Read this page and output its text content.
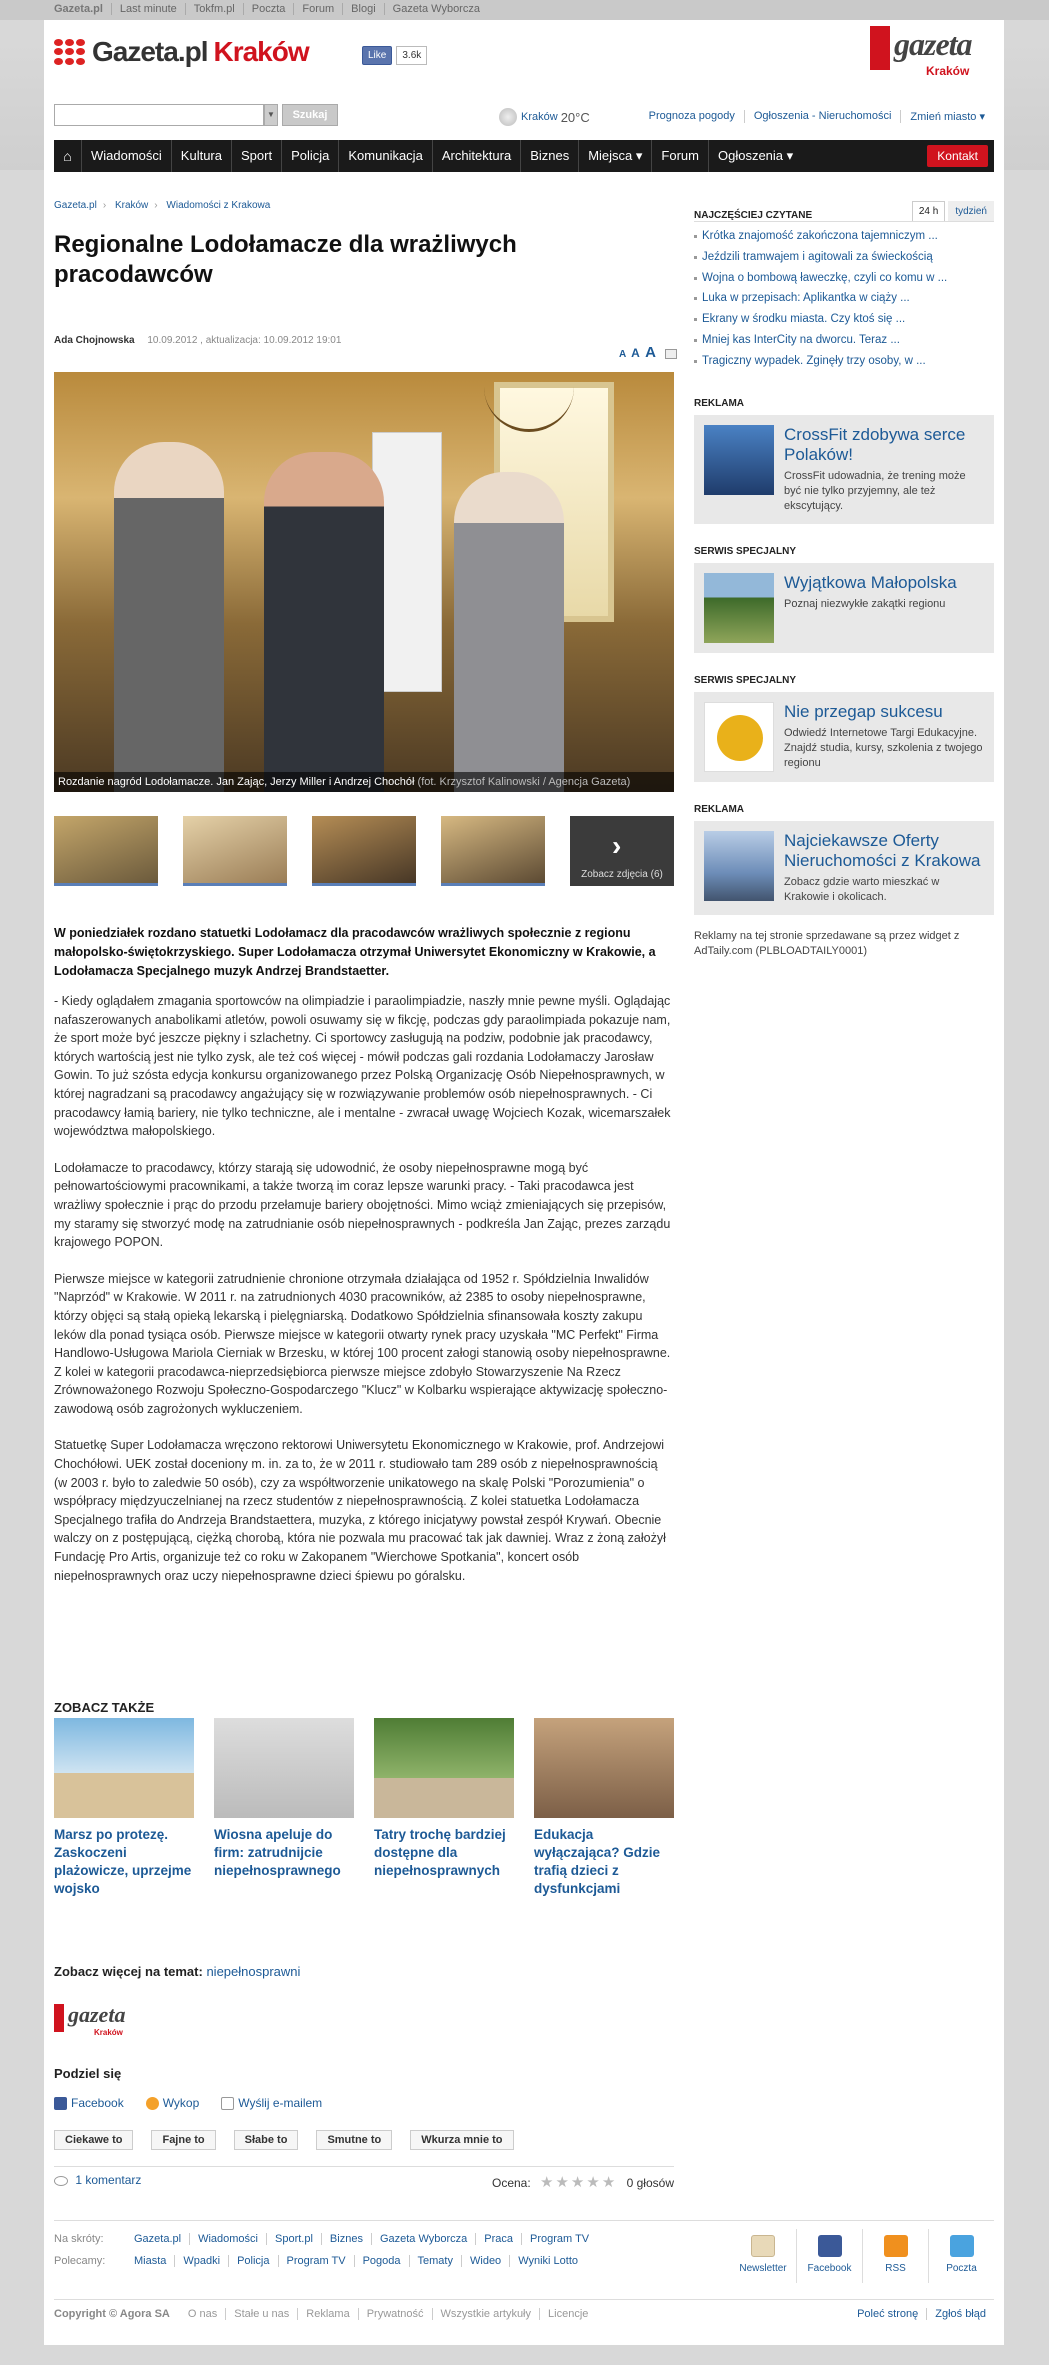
Gazeta.pl	Last minute	Tokfm.pl	Poczta	Forum	Blogi	Gazeta Wyborcza
Gazeta.pl Kraków	Like	3.6k	gazeta
Kraków
▼	Szukaj	Kraków 20°C	Prognoza pogody	Ogłoszenia - Nieruchomości	Zmień miasto ▾
⌂	Wiadomości	Kultura	Sport	Policja	Komunikacja	Architektura	Biznes	Miejsca ▾	Forum	Ogłoszenia ▾	Kontakt
Gazeta.pl › Kraków › Wiadomości z Krakowa
Regionalne Lodołamacze dla wrażliwych pracodawców
Ada Chojnowska 10.09.2012 , aktualizacja: 10.09.2012 19:01
A A A
Rozdanie nagród Lodołamacze. Jan Zając, Jerzy Miller i Andrzej Chochół (fot. Krzysztof Kalinowski / Agencja Gazeta)
›
Zobacz zdjęcia (6)

W poniedziałek rozdano statuetki Lodołamacz dla pracodawców wrażliwych społecznie z regionu małopolsko-świętokrzyskiego. Super Lodołamacza otrzymał Uniwersytet Ekonomiczny w Krakowie, a Lodołamacza Specjalnego muzyk Andrzej Brandstaetter.

- Kiedy oglądałem zmagania sportowców na olimpiadzie i paraolimpiadzie, naszły mnie pewne myśli. Oglądając nafaszerowanych anabolikami atletów, powoli osuwamy się w fikcję, podczas gdy paraolimpiada pokazuje nam, że sport może być jeszcze piękny i szlachetny. Ci sportowcy zasługują na podziw, podobnie jak pracodawcy, których wartością jest nie tylko zysk, ale też coś więcej - mówił podczas gali rozdania Lodołamaczy Jarosław Gowin. To już szósta edycja konkursu organizowanego przez Polską Organizację Osób Niepełnosprawnych, w której nagradzani są pracodawcy angażujący się w rozwiązywanie problemów osób niepełnosprawnych. - Ci pracodawcy łamią bariery, nie tylko techniczne, ale i mentalne - zwracał uwagę Wojciech Kozak, wicemarszałek województwa małopolskiego.

Lodołamacze to pracodawcy, którzy starają się udowodnić, że osoby niepełnosprawne mogą być pełnowartościowymi pracownikami, a także tworzą im coraz lepsze warunki pracy. - Taki pracodawca jest wrażliwy społecznie i prąc do przodu przełamuje bariery obojętności. Mimo wciąż zmieniających się przepisów, my staramy się stworzyć modę na zatrudnianie osób niepełnosprawnych - podkreśla Jan Zając, prezes zarządu krajowego POPON.

Pierwsze miejsce w kategorii zatrudnienie chronione otrzymała działająca od 1952 r. Spółdzielnia Inwalidów "Naprzód" w Krakowie. W 2011 r. na zatrudnionych 4030 pracowników, aż 2385 to osoby niepełnosprawne, którzy objęci są stałą opieką lekarską i pielęgniarską. Dodatkowo Spółdzielnia sfinansowała koszty zakupu leków dla ponad tysiąca osób. Pierwsze miejsce w kategorii otwarty rynek pracy uzyskała "MC Perfekt" Firma Handlowo-Usługowa Mariola Cierniak w Brzesku, w której 100 procent załogi stanowią osoby niepełnosprawne. Z kolei w kategorii pracodawca-nieprzedsiębiorca pierwsze miejsce zdobyło Stowarzyszenie Na Rzecz Zrównoważonego Rozwoju Społeczno-Gospodarczego "Klucz" w Kolbarku wspierające aktywizację społeczno-zawodową osób zagrożonych wykluczeniem.

Statuetkę Super Lodołamacza wręczono rektorowi Uniwersytetu Ekonomicznego w Krakowie, prof. Andrzejowi Chochółowi. UEK został doceniony m. in. za to, że w 2011 r. studiowało tam 289 osób z niepełnosprawnością (w 2003 r. było to zaledwie 50 osób), czy za współtworzenie unikatowego na skalę Polski "Porozumienia" o współpracy międzyuczelnianej na rzecz studentów z niepełnosprawnością. Z kolei statuetka Lodołamacza Specjalnego trafiła do Andrzeja Brandstaettera, muzyka, z którego inicjatywy powstał zespół Krywań. Obecnie walczy on z postępującą, ciężką chorobą, która nie pozwala mu pracować tak jak dawniej. Wraz z żoną założył Fundację Pro Artis, organizuje też co roku w Zakopanem "Wierchowe Spotkania", koncert osób niepełnosprawnych oraz uczy niepełnosprawne dzieci śpiewu po góralsku.

ZOBACZ TAKŻE
Marsz po protezę. Zaskoczeni plażowicze, uprzejme wojsko
Wiosna apeluje do firm: zatrudnijcie niepełnosprawnego
Tatry trochę bardziej dostępne dla niepełnosprawnych
Edukacja wyłączająca? Gdzie trafią dzieci z dysfunkcjami
Zobacz więcej na temat: niepełnosprawni
gazeta
Kraków
Podziel się
Facebook	Wykop	Wyślij e-mailem
Ciekawe to	Fajne to	Słabe to	Smutne to	Wkurza mnie to
1 komentarz	Ocena: ★★★★★ 0 głosów
NAJCZĘŚCIEJ CZYTANE	24 h	tydzień
Krótka znajomość zakończona tajemniczym ...
Jeździli tramwajem i agitowali za świeckością
Wojna o bombową ławeczkę, czyli co komu w ...
Luka w przepisach: Aplikantka w ciąży ...
Ekrany w środku miasta. Czy ktoś się ...
Mniej kas InterCity na dworcu. Teraz ...
Tragiczny wypadek. Zginęły trzy osoby, w ...
REKLAMA
CrossFit zdobywa serce Polaków!
CrossFit udowadnia, że trening może być nie tylko przyjemny, ale też ekscytujący.
SERWIS SPECJALNY
Wyjątkowa Małopolska
Poznaj niezwykłe zakątki regionu
SERWIS SPECJALNY
Nie przegap sukcesu
Odwiedź Internetowe Targi Edukacyjne. Znajdź studia, kursy, szkolenia z twojego regionu
REKLAMA
Najciekawsze Oferty Nieruchomości z Krakowa
Zobacz gdzie warto mieszkać w Krakowie i okolicach.

Reklamy na tej stronie sprzedawane są przez widget z AdTaily.com (PLBLOADTAILY0001)

Na skróty:	Gazeta.pl	Wiadomości	Sport.pl	Biznes	Gazeta Wyborcza	Praca	Program TV
Polecamy:	Miasta	Wpadki	Policja	Program TV	Pogoda	Tematy	Wideo	Wyniki Lotto
Newsletter	Facebook	RSS	Poczta
Copyright © Agora SA	O nas	Stałe u nas	Reklama	Prywatność	Wszystkie artykuły	Licencje	Poleć stronę	Zgłoś błąd
